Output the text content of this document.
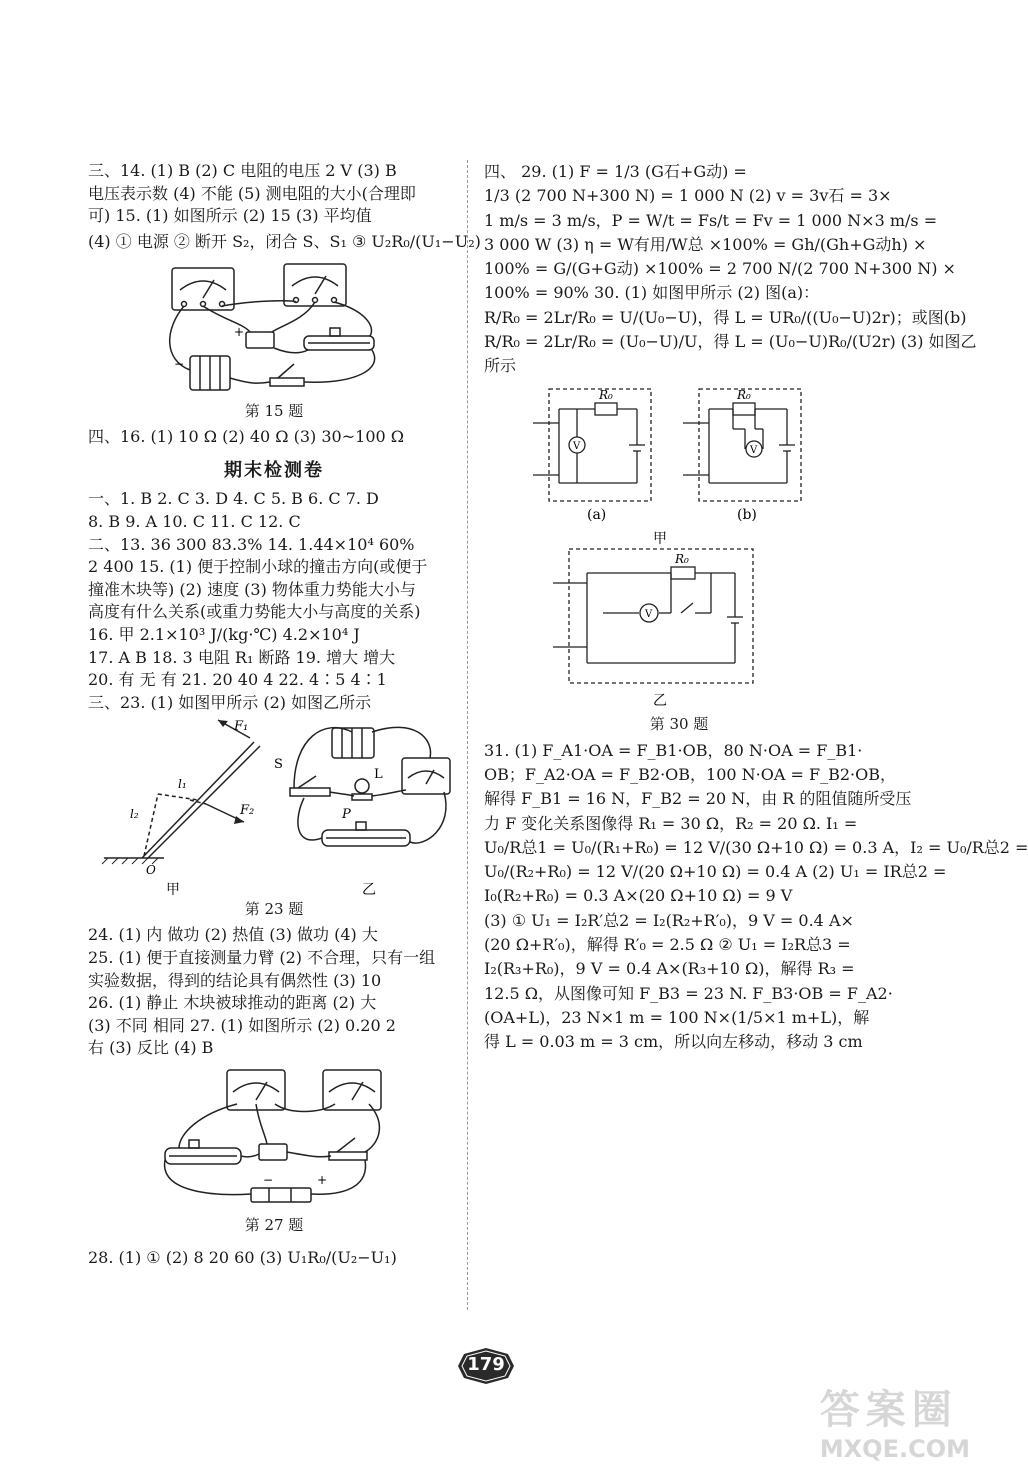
三、14. (1) B (2) C 电阻的电压 2 V (3) B
电压表示数 (4) 不能 (5) 测电阻的大小(合理即
可) 15. (1) 如图所示 (2) 15 (3) 平均值
(4) ① 电源 ② 断开 S₂，闭合 S、S₁ ③ U₂R₀/(U₁−U₂)
+
−
第 15 题
四、16. (1) 10 Ω (2) 40 Ω (3) 30~100 Ω
期末检测卷
一、1. B 2. C 3. D 4. C 5. B 6. C 7. D
8. B 9. A 10. C 11. C 12. C
二、13. 36 300 83.3% 14. 1.44×10⁴ 60%
2 400 15. (1) 便于控制小球的撞击方向(或便于
撞准木块等) (2) 速度 (3) 物体重力势能大小与
高度有什么关系(或重力势能大小与高度的关系)
16. 甲 2.1×10³ J/(kg·℃) 4.2×10⁴ J
17. A B 18. 3 电阻 R₁ 断路 19. 增大 增大
20. 有 无 有 21. 20 40 4 22. 4∶5 4∶1
三、23. (1) 如图甲所示 (2) 如图乙所示
F₁
F₂
l₁
l₂
O
S
L
P
甲	乙
第 23 题
24. (1) 内 做功 (2) 热值 (3) 做功 (4) 大
25. (1) 便于直接测量力臂 (2) 不合理，只有一组
实验数据，得到的结论具有偶然性 (3) 10
26. (1) 静止 木块被球推动的距离 (2) 大
(3) 不同 相同 27. (1) 如图所示 (2) 0.20 2
右 (3) 反比 (4) B
−	+
第 27 题
28. (1) ① (2) 8 20 60 (3) U₁R₀/(U₂−U₁)
四、 29. (1) F = 1/3 (G石+G动) =
1/3 (2 700 N+300 N) = 1 000 N (2) v = 3v石 = 3×
1 m/s = 3 m/s，P = W/t = Fs/t = Fv = 1 000 N×3 m/s =
3 000 W (3) η = W有用/W总 ×100% = Gh/(Gh+G动h) ×
100% = G/(G+G动) ×100% = 2 700 N/(2 700 N+300 N) ×
100% = 90% 30. (1) 如图甲所示 (2) 图(a)：
R/R₀ = 2Lr/R₀ = U/(U₀−U)，得 L = UR₀/((U₀−U)2r)；或图(b)
R/R₀ = 2Lr/R₀ = (U₀−U)/U，得 L = (U₀−U)R₀/(U2r) (3) 如图乙
所示
R₀
V
R₀
V
R₀
V
(a)	(b)
甲
乙
第 30 题
31. (1) F_A1·OA = F_B1·OB，80 N·OA = F_B1·
OB；F_A2·OA = F_B2·OB，100 N·OA = F_B2·OB，
解得 F_B1 = 16 N，F_B2 = 20 N，由 R 的阻值随所受压
力 F 变化关系图像得 R₁ = 30 Ω，R₂ = 20 Ω. I₁ =
U₀/R总1 = U₀/(R₁+R₀) = 12 V/(30 Ω+10 Ω) = 0.3 A，I₂ = U₀/R总2 =
U₀/(R₂+R₀) = 12 V/(20 Ω+10 Ω) = 0.4 A (2) U₁ = IR总2 =
I₀(R₂+R₀) = 0.3 A×(20 Ω+10 Ω) = 9 V
(3) ① U₁ = I₂R′总2 = I₂(R₂+R′₀)，9 V = 0.4 A×
(20 Ω+R′₀)，解得 R′₀ = 2.5 Ω ② U₁ = I₂R总3 =
I₂(R₃+R₀)，9 V = 0.4 A×(R₃+10 Ω)，解得 R₃ =
12.5 Ω，从图像可知 F_B3 = 23 N. F_B3·OB = F_A2·
(OA+L)，23 N×1 m = 100 N×(1/5×1 m+L)，解
得 L = 0.03 m = 3 cm，所以向左移动，移动 3 cm
179
答案圈
MXQE.COM
